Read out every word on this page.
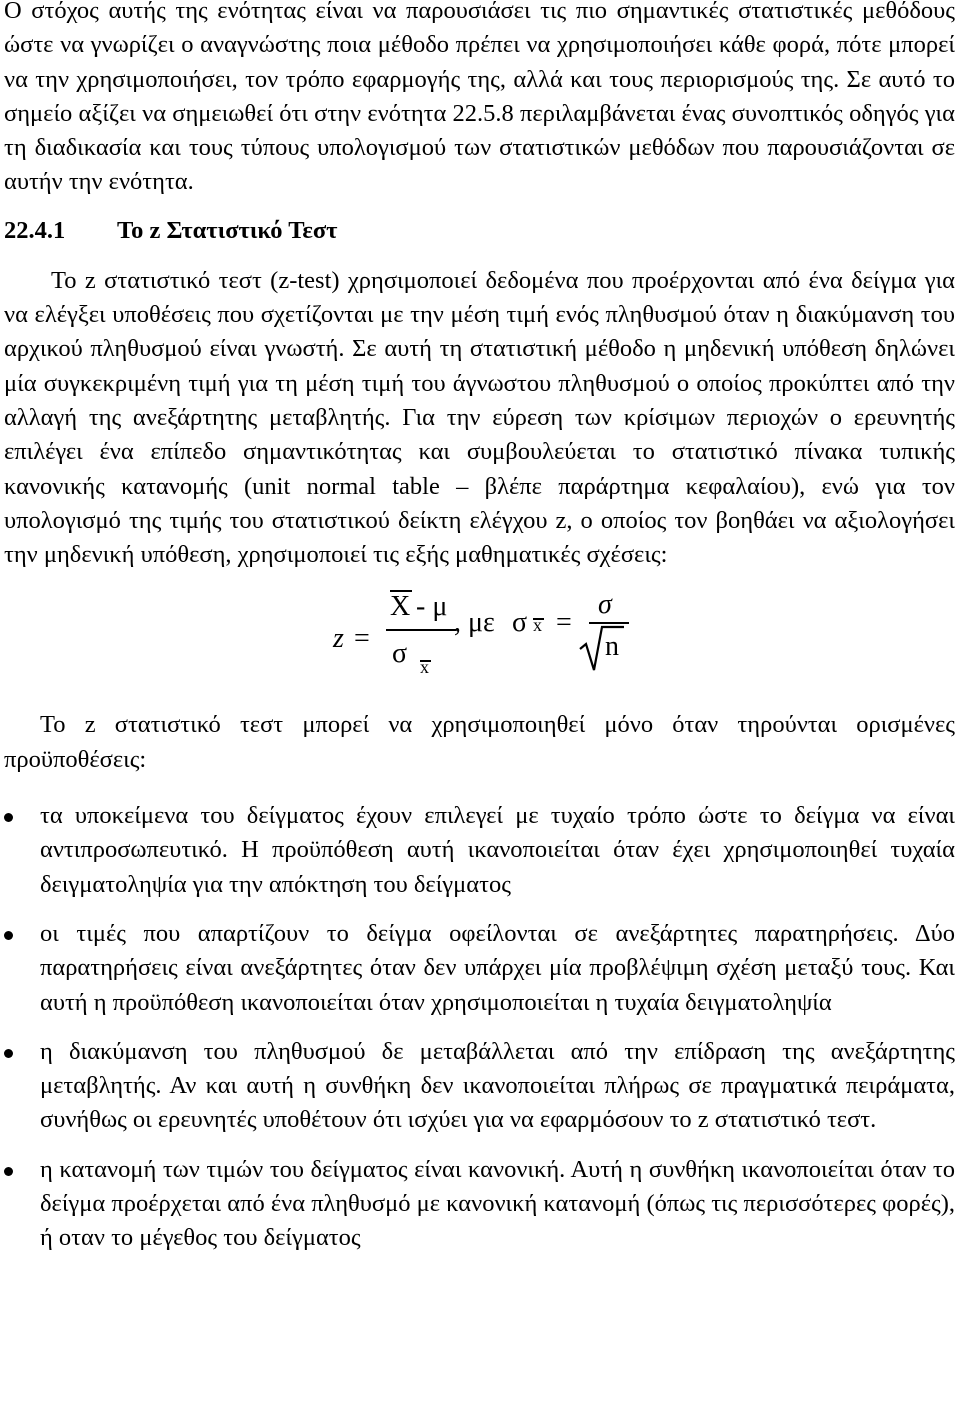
Ο στόχος αυτής της ενότητας είναι να παρουσιάσει τις πιο σημαντικές στατιστικές μεθόδους ώστε να γνωρίζει ο αναγνώστης ποια μέθοδο πρέπει να χρησιμοποιήσει κάθε φορά, πότε μπορεί να την χρησιμοποιήσει, τον τρόπο εφαρμογής της, αλλά και τους περιορισμούς της. Σε αυτό το σημείο αξίζει να σημειωθεί ότι στην ενότητα 22.5.8 περιλαμβάνεται ένας συνοπτικός οδηγός για τη διαδικασία και τους τύπους υπολογισμού των στατιστικών μεθόδων που παρουσιάζονται σε αυτήν την ενότητα.

22.4.1	Το z Στατιστικό Τεστ

Το z στατιστικό τεστ (z-test) χρησιμοποιεί δεδομένα που προέρχονται από ένα δείγμα για να ελέγξει υποθέσεις που σχετίζονται με την μέση τιμή ενός πληθυσμού όταν η διακύμανση του αρχικού πληθυσμού είναι γνωστή. Σε αυτή τη στατιστική μέθοδο η μηδενική υπόθεση δηλώνει μία συγκεκριμένη τιμή για τη μέση τιμή του άγνωστου πληθυσμού ο οποίος προκύπτει από την αλλαγή της ανεξάρτητης μεταβλητής. Για την εύρεση των κρίσιμων περιοχών ο ερευνητής επιλέγει ένα επίπεδο σημαντικότητας και συμβουλεύεται το στατιστικό πίνακα τυπικής κανονικής κατανομής (unit normal table – βλέπε παράρτημα κεφαλαίου), ενώ για τον υπολογισμό της τιμής του στατιστικού δείκτη ελέγχου z, ο οποίος τον βοηθάει να αξιολογήσει την μηδενική υπόθεση, χρησιμοποιεί τις εξής μαθηματικές σχέσεις:

z =
X - μ
σ x
, με σ x =
σ
n

Το z στατιστικό τεστ μπορεί να χρησιμοποιηθεί μόνο όταν τηρούνται ορισμένες προϋποθέσεις:

τα υποκείμενα του δείγματος έχουν επιλεγεί με τυχαίο τρόπο ώστε το δείγμα να είναι αντιπροσωπευτικό. Η προϋπόθεση αυτή ικανοποιείται όταν έχει χρησιμοποιηθεί τυχαία δειγματοληψία για την απόκτηση του δείγματος
οι τιμές που απαρτίζουν το δείγμα οφείλονται σε ανεξάρτητες παρατηρήσεις. Δύο παρατηρήσεις είναι ανεξάρτητες όταν δεν υπάρχει μία προβλέψιμη σχέση μεταξύ τους. Και αυτή η προϋπόθεση ικανοποιείται όταν χρησιμοποιείται η τυχαία δειγματοληψία
η διακύμανση του πληθυσμού δε μεταβάλλεται από την επίδραση της ανεξάρτητης μεταβλητής. Αν και αυτή η συνθήκη δεν ικανοποιείται πλήρως σε πραγματικά πειράματα, συνήθως οι ερευνητές υποθέτουν ότι ισχύει για να εφαρμόσουν το z στατιστικό τεστ.
η κατανομή των τιμών του δείγματος είναι κανονική. Αυτή η συνθήκη ικανοποιείται όταν το δείγμα προέρχεται από ένα πληθυσμό με κανονική κατανομή (όπως τις περισσότερες φορές), ή οταν το μέγεθος του δείγματος
